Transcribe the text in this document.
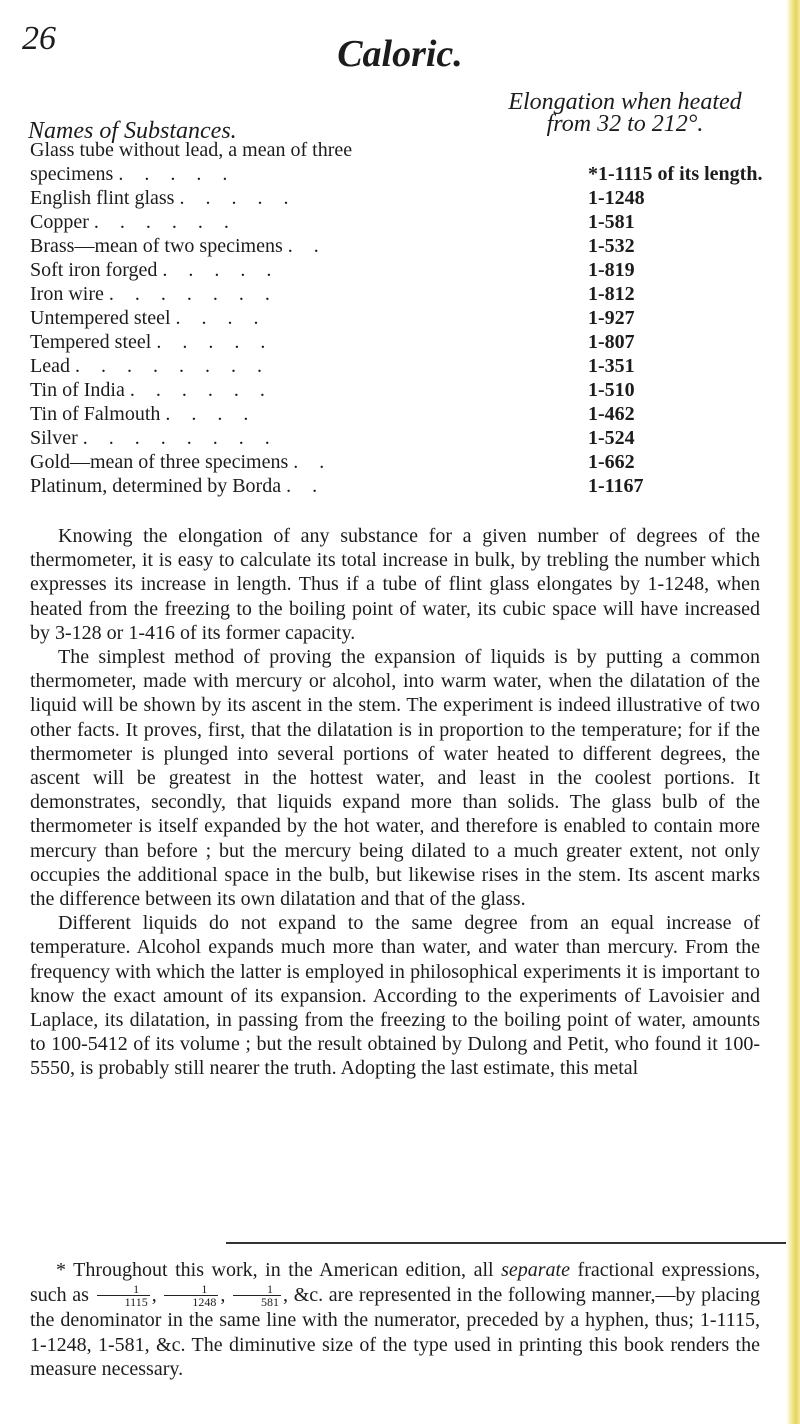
26	Caloric.
Names of Substances.
Elongation when heated
from 32 to 212°.
Glass tube without lead, a mean of three
specimens . . . . .	*1-1115 of its length.
English flint glass . . . . .	1-1248
Copper . . . . . .	1-581
Brass—mean of two specimens . .	1-532
Soft iron forged . . . . .	1-819
Iron wire . . . . . . .	1-812
Untempered steel . . . .	1-927
Tempered steel . . . . .	1-807
Lead . . . . . . . .	1-351
Tin of India . . . . . .	1-510
Tin of Falmouth . . . .	1-462
Silver . . . . . . . .	1-524
Gold—mean of three specimens . .	1-662
Platinum, determined by Borda . .	1-1167

Knowing the elongation of any substance for a given number of degrees of the thermometer, it is easy to calculate its total increase in bulk, by trebling the number which expresses its increase in length. Thus if a tube of flint glass elongates by 1-1248, when heated from the freezing to the boiling point of water, its cubic space will have increased by 3-128 or 1-416 of its former capacity.

The simplest method of proving the expansion of liquids is by putting a common thermometer, made with mercury or alcohol, into warm water, when the dilatation of the liquid will be shown by its ascent in the stem. The experiment is indeed illustrative of two other facts. It proves, first, that the dilatation is in proportion to the temperature; for if the thermometer is plunged into several portions of water heated to different degrees, the ascent will be greatest in the hottest water, and least in the coolest portions. It demonstrates, secondly, that liquids expand more than solids. The glass bulb of the thermometer is itself expanded by the hot water, and therefore is enabled to contain more mercury than before ; but the mercury being dilated to a much greater extent, not only occupies the additional space in the bulb, but likewise rises in the stem. Its ascent marks the difference between its own dilatation and that of the glass.

Different liquids do not expand to the same degree from an equal increase of temperature. Alcohol expands much more than water, and water than mercury. From the frequency with which the latter is employed in philosophical experiments it is important to know the exact amount of its expansion. According to the experiments of Lavoisier and Laplace, its dilatation, in passing from the freezing to the boiling point of water, amounts to 100-5412 of its volume ; but the result obtained by Dulong and Petit, who found it 100-5550, is probably still nearer the truth. Adopting the last estimate, this metal

* Throughout this work, in the American edition, all separate fractional expressions, such as $\frac{1}{1115}$ , $\frac{1}{1248}$ , $\frac{1}{581}$ , &c. are represented in the following manner,—by placing the denominator in the same line with the numerator, preceded by a hyphen, thus; 1-1115, 1-1248, 1-581, &c. The diminutive size of the type used in printing this book renders the measure necessary.
